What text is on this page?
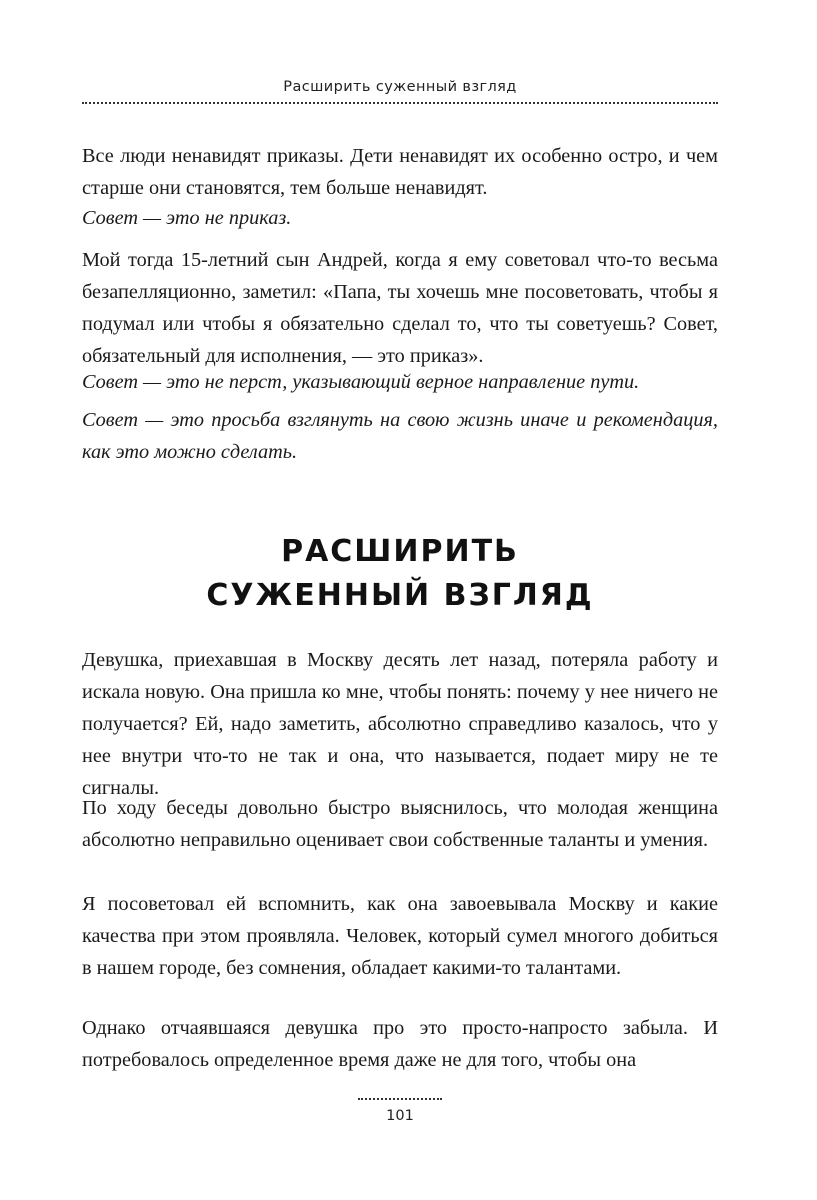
Расширить суженный взгляд

Все люди ненавидят приказы. Дети ненавидят их особенно остро, и чем старше они становятся, тем больше ненавидят.

Совет — это не приказ.

Мой тогда 15-летний сын Андрей, когда я ему советовал что-то весьма безапелляционно, заметил: «Папа, ты хочешь мне посоветовать, чтобы я подумал или чтобы я обязательно сделал то, что ты советуешь? Совет, обязательный для исполнения, — это приказ».

Совет — это не перст, указывающий верное направление пути.

Совет — это просьба взглянуть на свою жизнь иначе и рекомендация, как это можно сделать.

РАСШИРИТЬ
СУЖЕННЫЙ ВЗГЛЯД

Девушка, приехавшая в Москву десять лет назад, потеряла работу и искала новую. Она пришла ко мне, чтобы понять: почему у нее ничего не получается? Ей, надо заметить, абсолютно справедливо казалось, что у нее внутри что-то не так и она, что называется, подает миру не те сигналы.

По ходу беседы довольно быстро выяснилось, что молодая женщина абсолютно неправильно оценивает свои собственные таланты и умения.

Я посоветовал ей вспомнить, как она завоевывала Москву и какие качества при этом проявляла. Человек, который сумел многого добиться в нашем городе, без сомнения, обладает какими-то талантами.

Однако отчаявшаяся девушка про это просто-напросто забыла. И потребовалось определенное время даже не для того, чтобы она

101
